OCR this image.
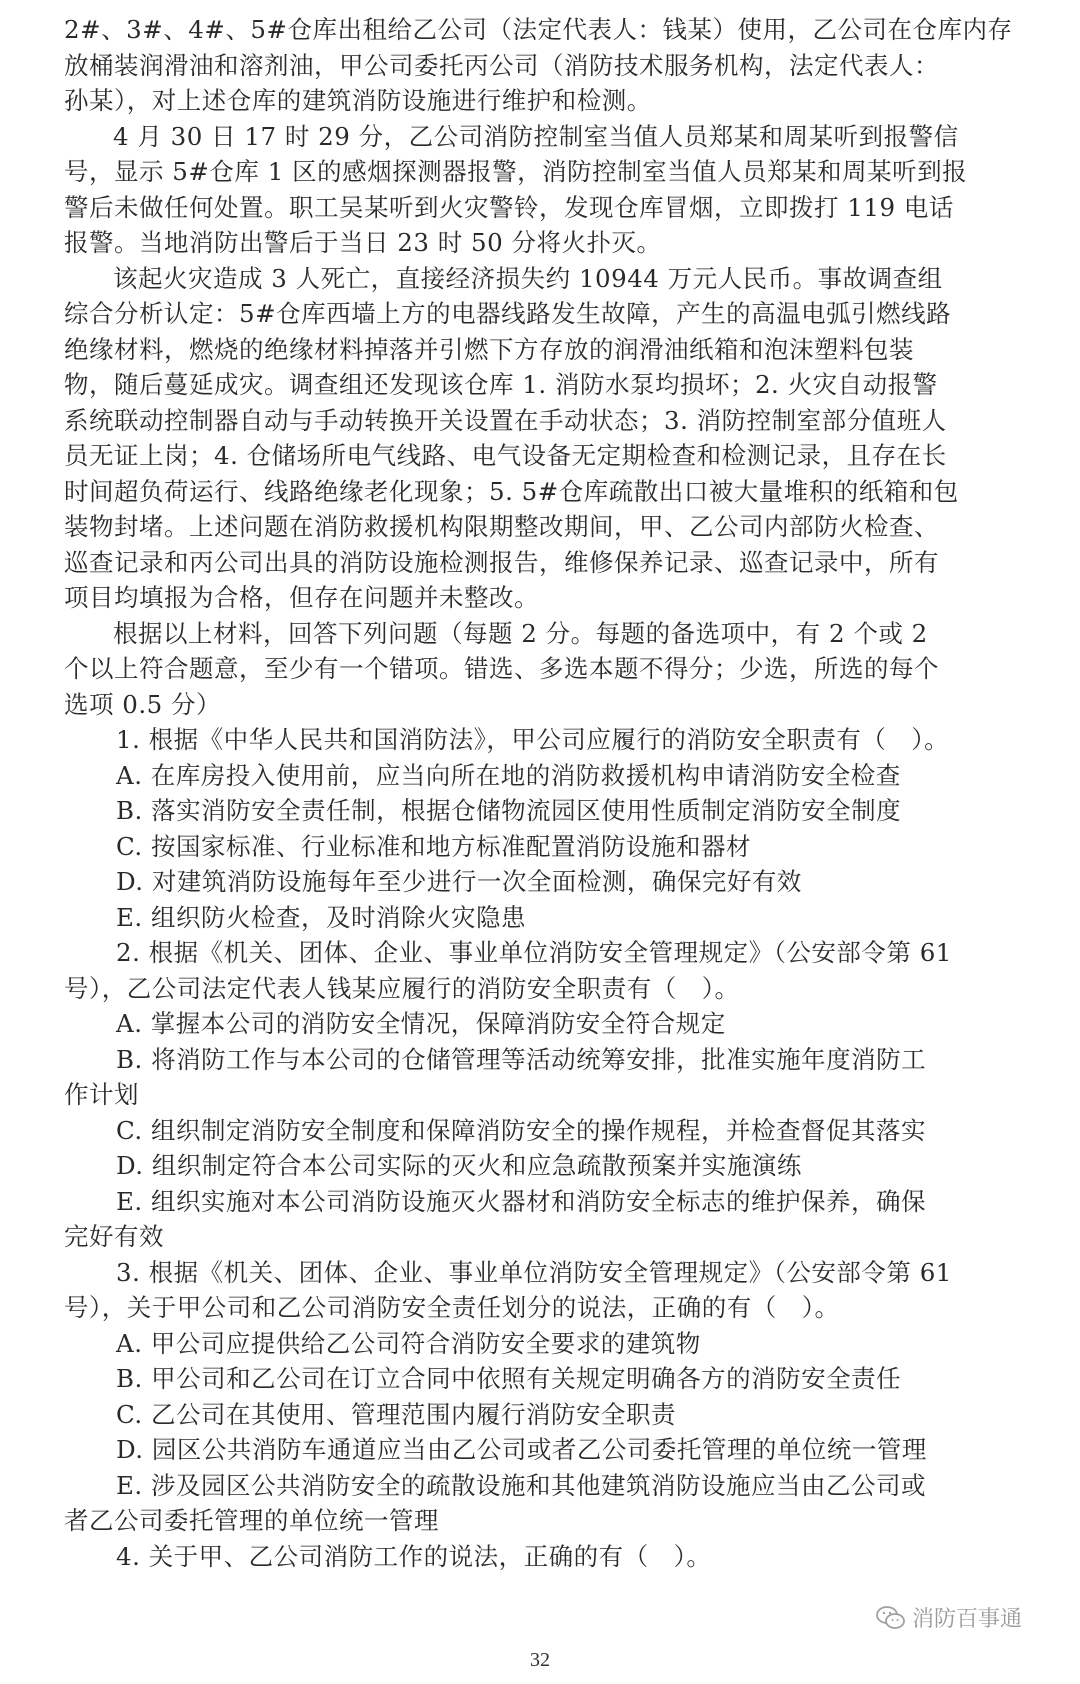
2#、3#、4#、5#仓库出租给乙公司（法定代表人：钱某）使用，乙公司在仓库内存
放桶装润滑油和溶剂油，甲公司委托丙公司（消防技术服务机构，法定代表人：
孙某），对上述仓库的建筑消防设施进行维护和检测。
4 月 30 日 17 时 29 分，乙公司消防控制室当值人员郑某和周某听到报警信
号，显示 5#仓库 1 区的感烟探测器报警，消防控制室当值人员郑某和周某听到报
警后未做任何处置。职工吴某听到火灾警铃，发现仓库冒烟，立即拨打 119 电话
报警。当地消防出警后于当日 23 时 50 分将火扑灭。
该起火灾造成 3 人死亡，直接经济损失约 10944 万元人民币。事故调查组
综合分析认定：5#仓库西墙上方的电器线路发生故障，产生的高温电弧引燃线路
绝缘材料，燃烧的绝缘材料掉落并引燃下方存放的润滑油纸箱和泡沫塑料包装
物，随后蔓延成灾。调查组还发现该仓库 1. 消防水泵均损坏；2. 火灾自动报警
系统联动控制器自动与手动转换开关设置在手动状态；3. 消防控制室部分值班人
员无证上岗；4. 仓储场所电气线路、电气设备无定期检查和检测记录，且存在长
时间超负荷运行、线路绝缘老化现象；5. 5#仓库疏散出口被大量堆积的纸箱和包
装物封堵。上述问题在消防救援机构限期整改期间，甲、乙公司内部防火检查、
巡查记录和丙公司出具的消防设施检测报告，维修保养记录、巡查记录中，所有
项目均填报为合格，但存在问题并未整改。
根据以上材料，回答下列问题（每题 2 分。每题的备选项中，有 2 个或 2
个以上符合题意，至少有一个错项。错选、多选本题不得分；少选，所选的每个
选项 0.5 分）
1. 根据《中华人民共和国消防法》，甲公司应履行的消防安全职责有（　）。
A. 在库房投入使用前，应当向所在地的消防救援机构申请消防安全检查
B. 落实消防安全责任制，根据仓储物流园区使用性质制定消防安全制度
C. 按国家标准、行业标准和地方标准配置消防设施和器材
D. 对建筑消防设施每年至少进行一次全面检测，确保完好有效
E. 组织防火检查，及时消除火灾隐患
2. 根据《机关、团体、企业、事业单位消防安全管理规定》（公安部令第 61
号），乙公司法定代表人钱某应履行的消防安全职责有（　）。
A. 掌握本公司的消防安全情况，保障消防安全符合规定
B. 将消防工作与本公司的仓储管理等活动统筹安排，批准实施年度消防工
作计划
C. 组织制定消防安全制度和保障消防安全的操作规程，并检查督促其落实
D. 组织制定符合本公司实际的灭火和应急疏散预案并实施演练
E. 组织实施对本公司消防设施灭火器材和消防安全标志的维护保养，确保
完好有效
3. 根据《机关、团体、企业、事业单位消防安全管理规定》（公安部令第 61
号），关于甲公司和乙公司消防安全责任划分的说法，正确的有（　）。
A. 甲公司应提供给乙公司符合消防安全要求的建筑物
B. 甲公司和乙公司在订立合同中依照有关规定明确各方的消防安全责任
C. 乙公司在其使用、管理范围内履行消防安全职责
D. 园区公共消防车通道应当由乙公司或者乙公司委托管理的单位统一管理
E. 涉及园区公共消防安全的疏散设施和其他建筑消防设施应当由乙公司或
者乙公司委托管理的单位统一管理
4. 关于甲、乙公司消防工作的说法，正确的有（　）。
消防百事通
32
